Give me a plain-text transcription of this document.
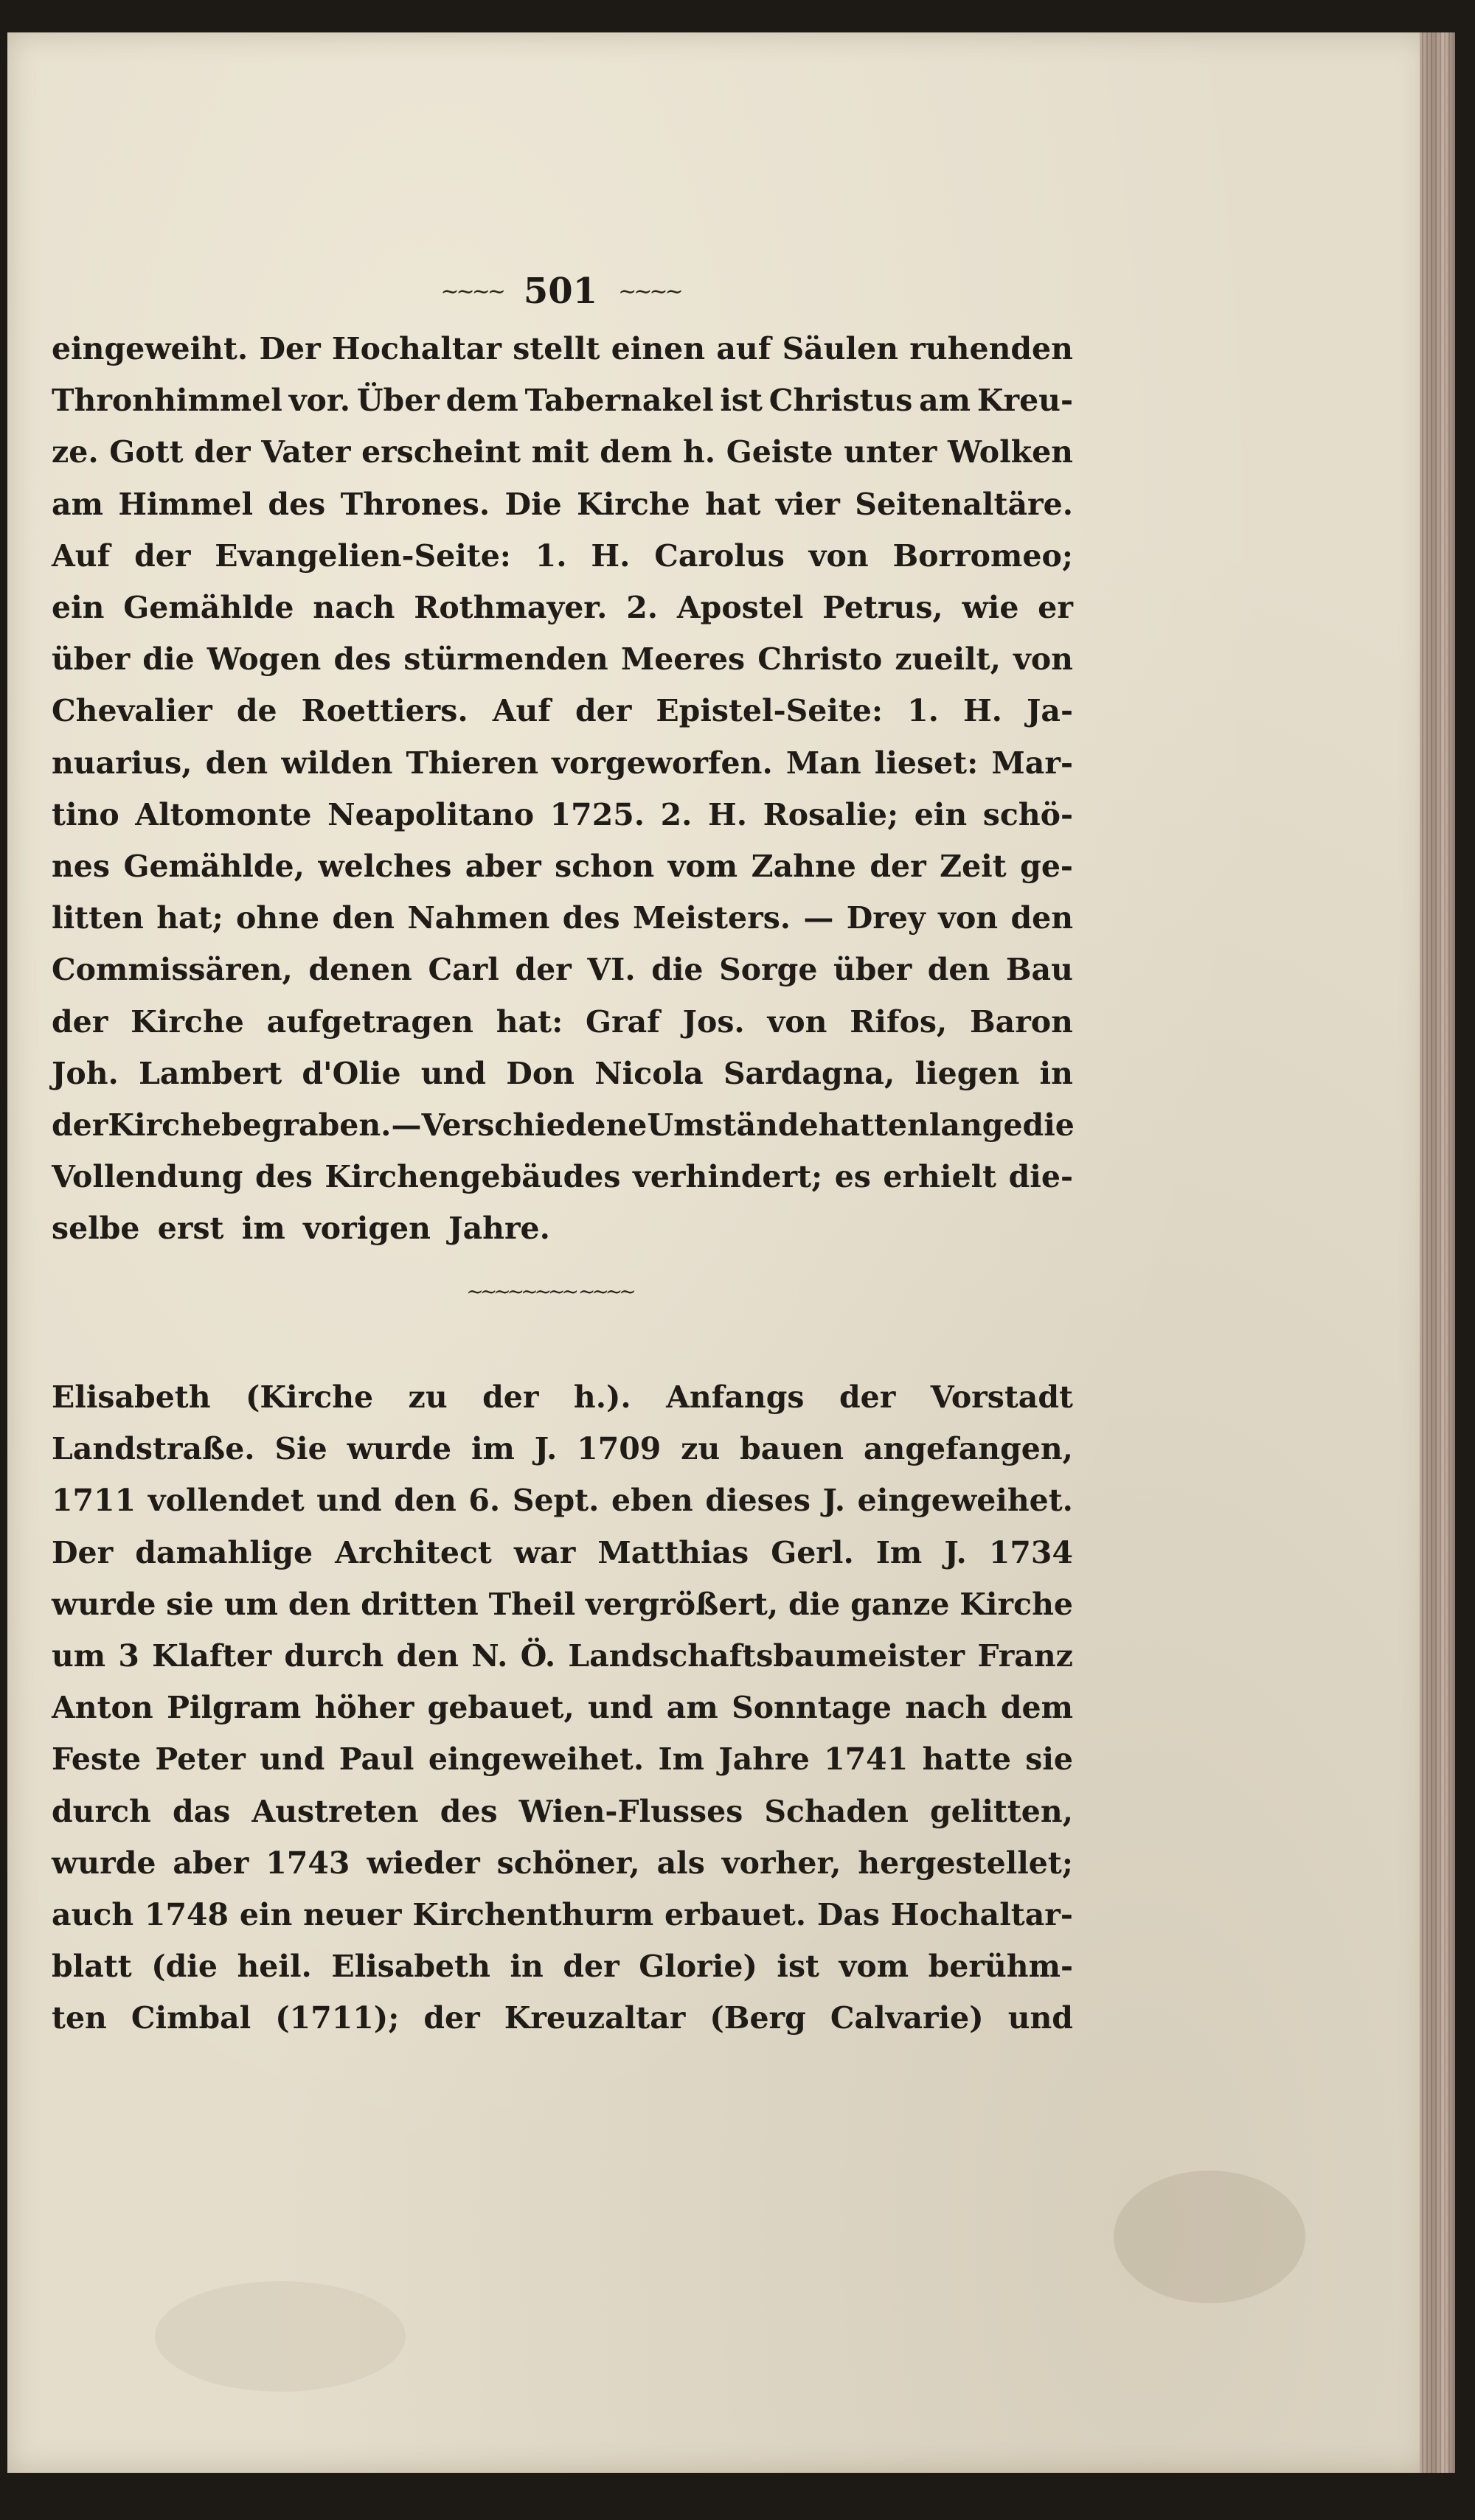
~~~~ 501 ~~~~
eingeweiht. Der Hochaltar stellt einen auf Säulen ruhenden
Thronhimmel vor. Über dem Tabernakel ist Christus am Kreu-
ze. Gott der Vater erscheint mit dem h. Geiste unter Wolken
am Himmel des Thrones. Die Kirche hat vier Seitenaltäre.
Auf der Evangelien-Seite: 1. H. Carolus von Borromeo;
ein Gemählde nach Rothmayer. 2. Apostel Petrus, wie er
über die Wogen des stürmenden Meeres Christo zueilt, von
Chevalier de Roettiers. Auf der Epistel-Seite: 1. H. Ja-
nuarius, den wilden Thieren vorgeworfen. Man lieset: Mar-
tino Altomonte Neapolitano 1725. 2. H. Rosalie; ein schö-
nes Gemählde, welches aber schon vom Zahne der Zeit ge-
litten hat; ohne den Nahmen des Meisters. — Drey von den
Commissären, denen Carl der VI. die Sorge über den Bau
der Kirche aufgetragen hat: Graf Jos. von Rifos, Baron
Joh. Lambert d'Olie und Don Nicola Sardagna, liegen in
der Kirche begraben. — Verschiedene Umstände hatten lange die
Vollendung des Kirchengebäudes verhindert; es erhielt die-
selbe erst im vorigen Jahre.
~~~~~~~~ ~~~~
Elisabeth (Kirche zu der h.). Anfangs der Vorstadt
Landstraße. Sie wurde im J. 1709 zu bauen angefangen,
1711 vollendet und den 6. Sept. eben dieses J. eingeweihet.
Der damahlige Architect war Matthias Gerl. Im J. 1734
wurde sie um den dritten Theil vergrößert, die ganze Kirche
um 3 Klafter durch den N. Ö. Landschaftsbaumeister Franz
Anton Pilgram höher gebauet, und am Sonntage nach dem
Feste Peter und Paul eingeweihet. Im Jahre 1741 hatte sie
durch das Austreten des Wien-Flusses Schaden gelitten,
wurde aber 1743 wieder schöner, als vorher, hergestellet;
auch 1748 ein neuer Kirchenthurm erbauet. Das Hochaltar-
blatt (die heil. Elisabeth in der Glorie) ist vom berühm-
ten Cimbal (1711); der Kreuzaltar (Berg Calvarie) und
